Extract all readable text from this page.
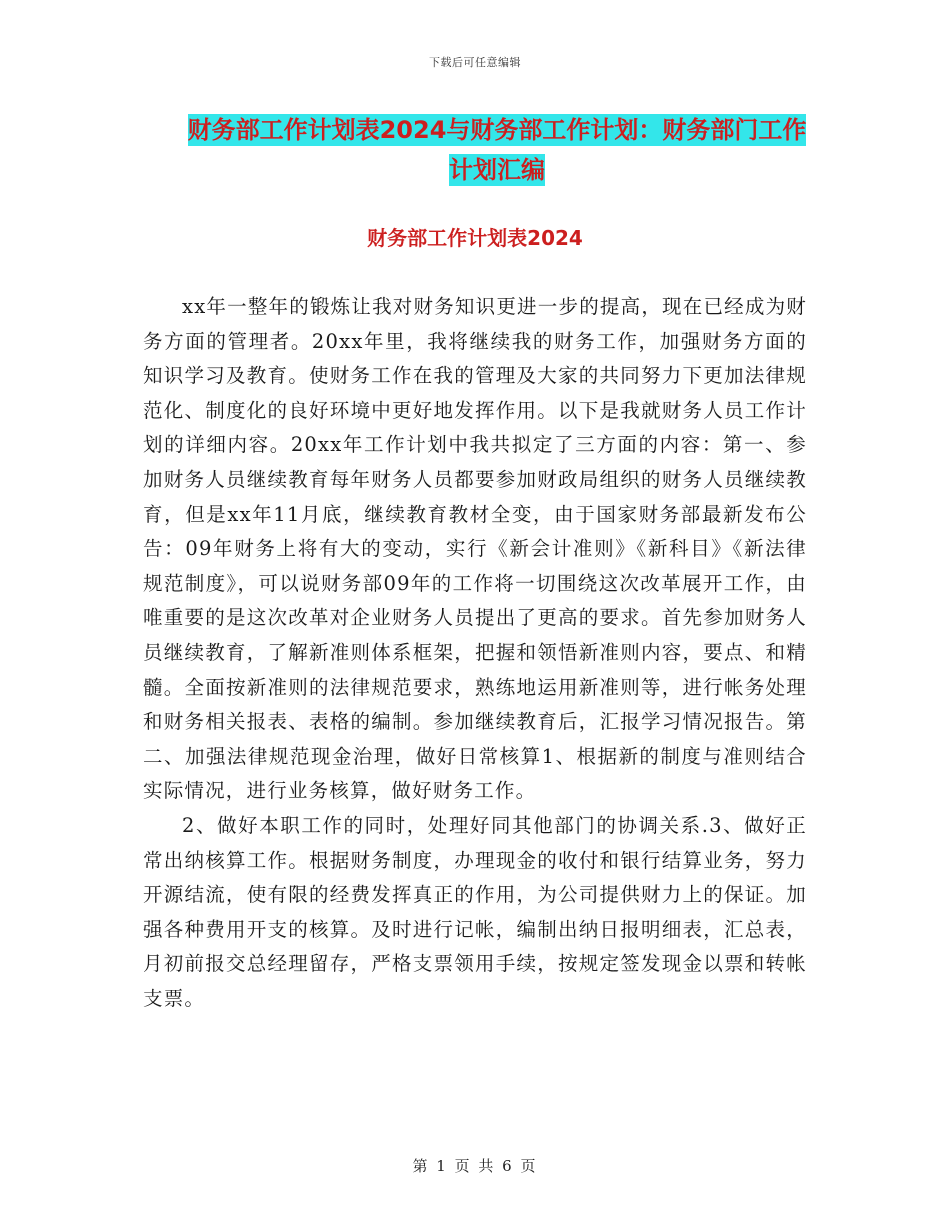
下载后可任意编辑
财务部工作计划表2024与财务部工作计划：财务部门工作计划汇编
财务部工作计划表2024

xx年一整年的锻炼让我对财务知识更进一步的提高，现在已经成为财务方面的管理者。20xx年里，我将继续我的财务工作，加强财务方面的知识学习及教育。使财务工作在我的管理及大家的共同努力下更加法律规范化、制度化的良好环境中更好地发挥作用。以下是我就财务人员工作计划的详细内容。20xx年工作计划中我共拟定了三方面的内容：第一、参加财务人员继续教育每年财务人员都要参加财政局组织的财务人员继续教育，但是xx年11月底，继续教育教材全变，由于国家财务部最新发布公告：09年财务上将有大的变动，实行《新会计准则》《新科目》《新法律规范制度》，可以说财务部09年的工作将一切围绕这次改革展开工作，由唯重要的是这次改革对企业财务人员提出了更高的要求。首先参加财务人员继续教育，了解新准则体系框架，把握和领悟新准则内容，要点、和精髓。全面按新准则的法律规范要求，熟练地运用新准则等，进行帐务处理和财务相关报表、表格的编制。参加继续教育后，汇报学习情况报告。第二、加强法律规范现金治理，做好日常核算1、根据新的制度与准则结合实际情况，进行业务核算，做好财务工作。

2、做好本职工作的同时，处理好同其他部门的协调关系.3、做好正常出纳核算工作。根据财务制度，办理现金的收付和银行结算业务，努力开源结流，使有限的经费发挥真正的作用，为公司提供财力上的保证。加强各种费用开支的核算。及时进行记帐，编制出纳日报明细表，汇总表，月初前报交总经理留存，严格支票领用手续，按规定签发现金以票和转帐支票。

第 1 页 共 6 页
